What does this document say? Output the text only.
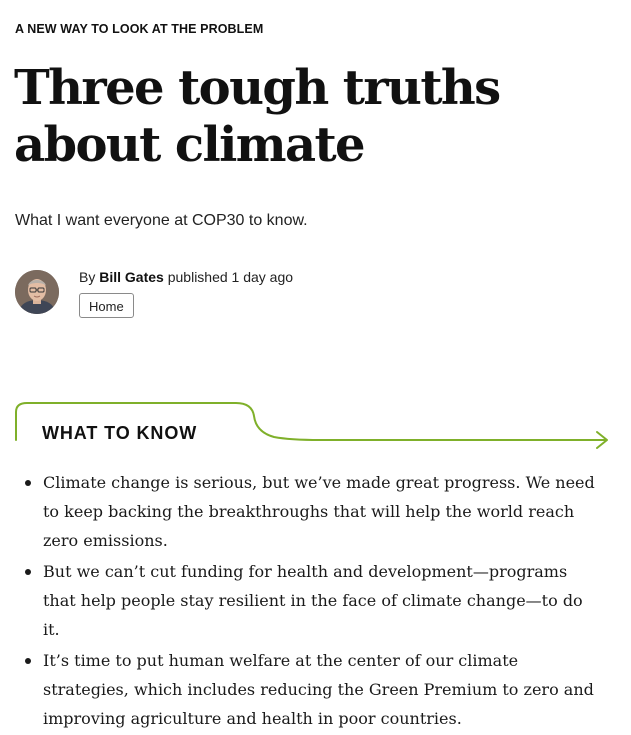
A NEW WAY TO LOOK AT THE PROBLEM
Three tough truths about climate
What I want everyone at COP30 to know.
By Bill Gates published 1 day ago
Home
WHAT TO KNOW
Climate change is serious, but we’ve made great progress. We need to keep backing the breakthroughs that will help the world reach zero emissions.
But we can’t cut funding for health and development—programs that help people stay resilient in the face of climate change—to do it.
It’s time to put human welfare at the center of our climate strategies, which includes reducing the Green Premium to zero and improving agriculture and health in poor countries.
